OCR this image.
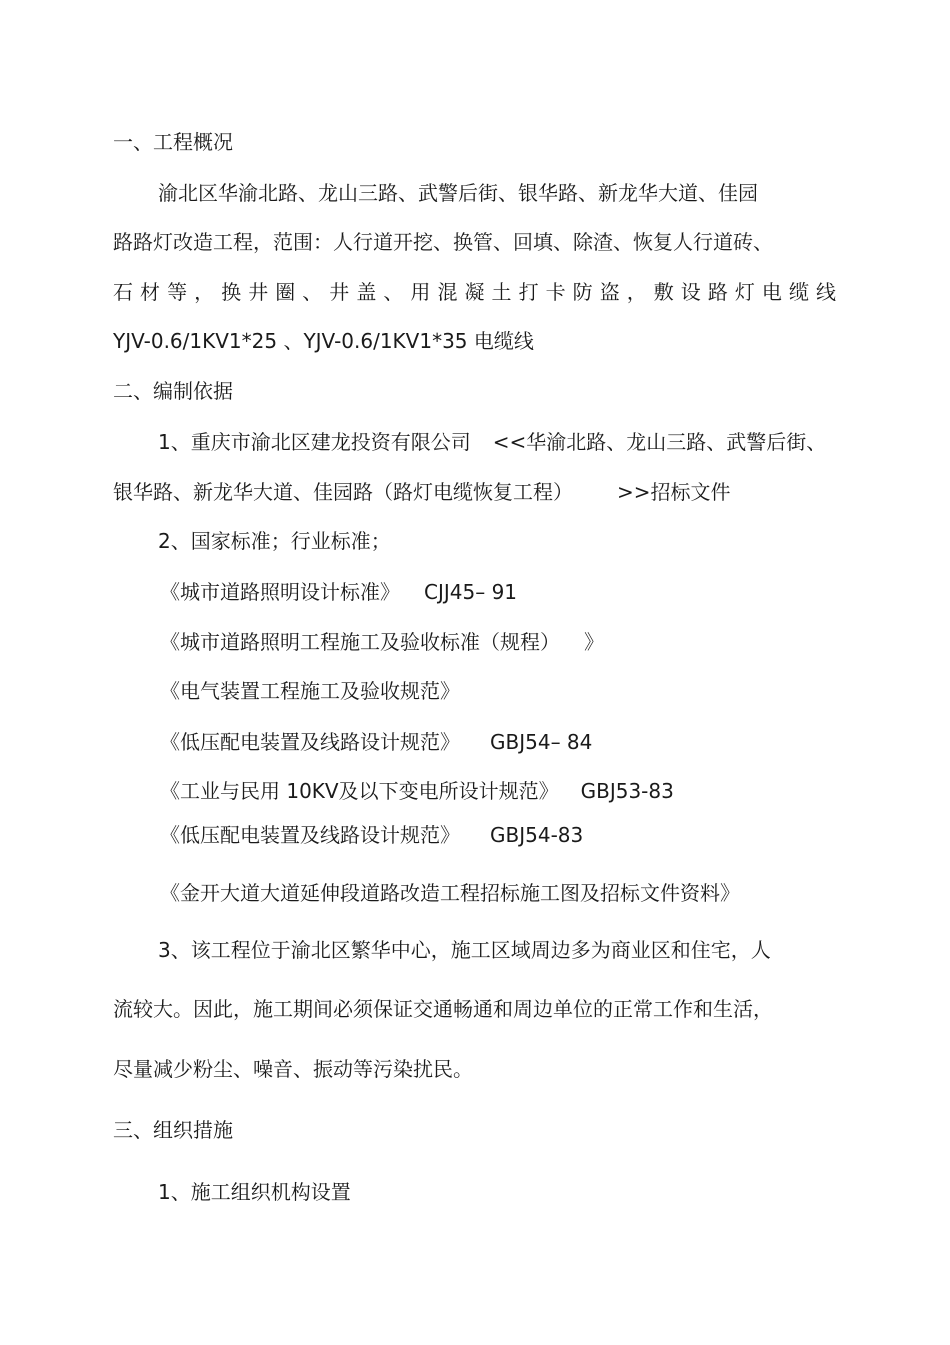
一、工程概况
渝北区华渝北路、龙山三路、武警后街、银华路、新龙华大道、佳园
路路灯改造工程，范围：人行道开挖、换管、回填、除渣、恢复人行道砖、
石材等，换井圈、井盖、用混凝土打卡防盗，敷设路灯电缆线
YJV-0.6/1KV1*25 、YJV-0.6/1KV1*35 电缆线
二、编制依据
1、重庆市渝北区建龙投资有限公司 <<华渝北路、龙山三路、武警后街、
银华路、新龙华大道、佳园路（路灯电缆恢复工程） >>招标文件
2、国家标准；行业标准；
《城市道路照明设计标准》 CJJ45– 91
《城市道路照明工程施工及验收标准（规程） 》
《电气装置工程施工及验收规范》
《低压配电装置及线路设计规范》 GBJ54– 84
《工业与民用 10KV及以下变电所设计规范》 GBJ53-83
《低压配电装置及线路设计规范》 GBJ54-83
《金开大道大道延伸段道路改造工程招标施工图及招标文件资料》
3、该工程位于渝北区繁华中心，施工区域周边多为商业区和住宅，人
流较大。因此，施工期间必须保证交通畅通和周边单位的正常工作和生活，
尽量减少粉尘、噪音、振动等污染扰民。
三、组织措施
1、施工组织机构设置
